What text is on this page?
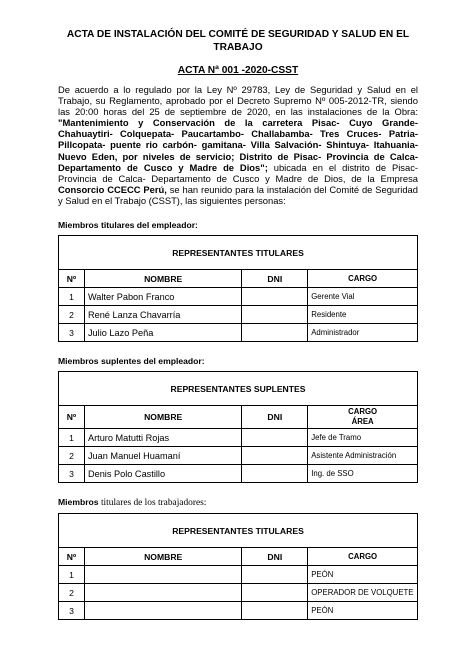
ACTA DE INSTALACIÓN DEL COMITÉ DE SEGURIDAD Y SALUD EN EL TRABAJO
ACTA Nª 001 -2020-CSST

De acuerdo a lo regulado por la Ley Nº 29783, Ley de Seguridad y Salud en el Trabajo, su Reglamento, aprobado por el Decreto Supremo Nº 005-2012-TR, siendo las 20:00 horas del 25 de septiembre de 2020, en las instalaciones de la Obra: "Mantenimiento y Conservación de la carretera Pisac- Cuyo Grande- Chahuaytiri- Colquepata- Paucartambo- Challabamba- Tres Cruces- Patria- Pillcopata- puente rio carbón- gamitana- Villa Salvación- Shintuya- Itahuania- Nuevo Eden, por niveles de servicio; Distrito de Pisac- Provincia de Calca- Departamento de Cusco y Madre de Dios"; ubicada en el distrito de Pisac- Provincia de Calca- Departamento de Cusco y Madre de Dios, de la Empresa Consorcio CCECC Perú, se han reunido para la instalación del Comité de Seguridad y Salud en el Trabajo (CSST), las siguientes personas:

Miembros titulares del empleador:
REPRESENTANTES TITULARES			
Nº	NOMBRE	DNI	CARGO
1	Walter Pabon Franco		Gerente Vial
2	René Lanza Chavarría		Residente
3	Julio Lazo Peña		Administrador
Miembros suplentes del empleador:
REPRESENTANTES SUPLENTES			
Nº	NOMBRE	DNI	CARGO
ÁREA

1	Arturo Matutti Rojas		Jefe de Tramo
2	Juan Manuel Huamaní		Asistente Administración
3	Denis Polo Castillo		Ing. de SSO
Miembros titulares de los trabajadores:
REPRESENTANTES TITULARES			
Nº	NOMBRE	DNI	CARGO
1			PEÓN
2			OPERADOR DE VOLQUETE
3			PEÓN
